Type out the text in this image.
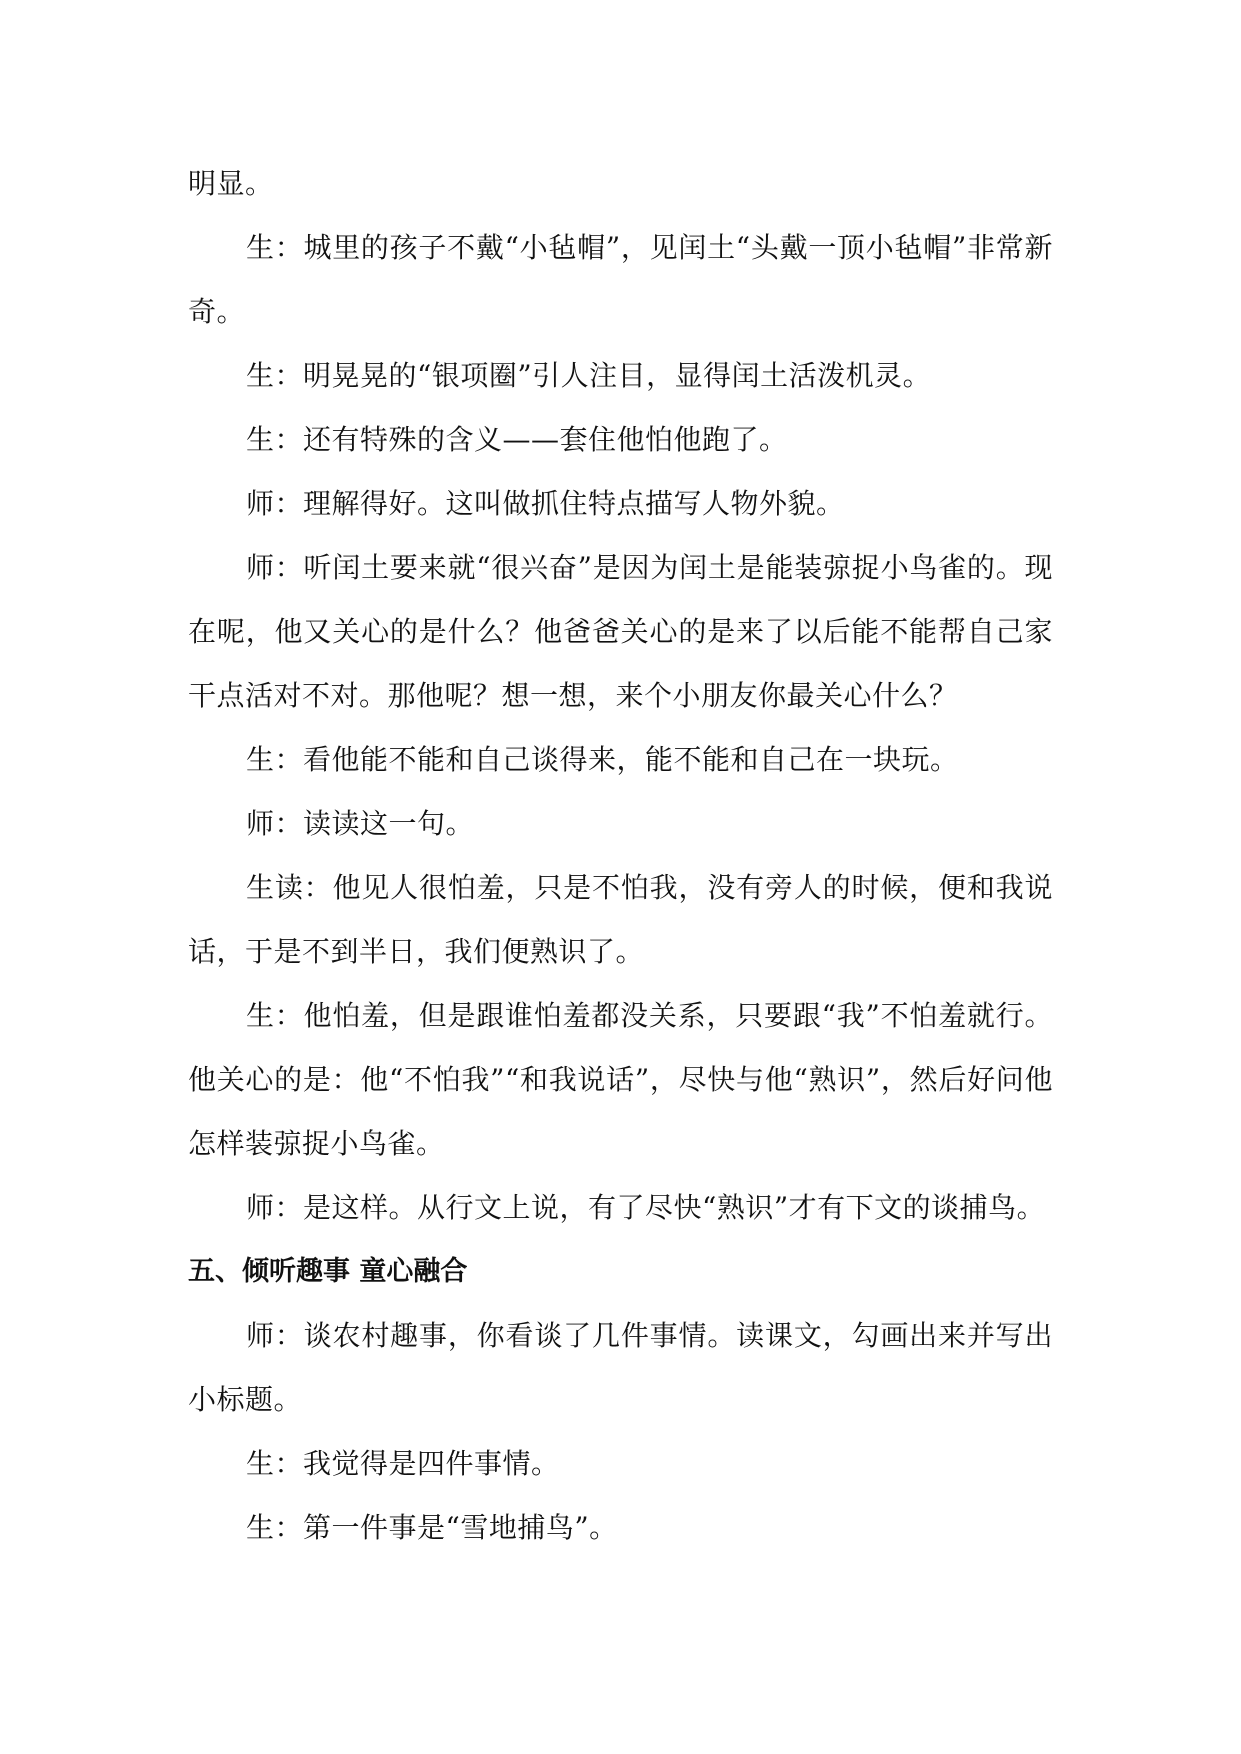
明显。

生：城里的孩子不戴“小毡帽”，见闰土“头戴一顶小毡帽”非常新奇。

生：明晃晃的“银项圈”引人注目，显得闰土活泼机灵。

生：还有特殊的含义——套住他怕他跑了。

师：理解得好。这叫做抓住特点描写人物外貌。

师：听闰土要来就“很兴奋”是因为闰土是能装弶捉小鸟雀的。现在呢，他又关心的是什么？他爸爸关心的是来了以后能不能帮自己家干点活对不对。那他呢？想一想，来个小朋友你最关心什么？

生：看他能不能和自己谈得来，能不能和自己在一块玩。

师：读读这一句。

生读：他见人很怕羞，只是不怕我，没有旁人的时候，便和我说话，于是不到半日，我们便熟识了。

生：他怕羞，但是跟谁怕羞都没关系，只要跟“我”不怕羞就行。他关心的是：他“不怕我”“和我说话”，尽快与他“熟识”，然后好问他怎样装弶捉小鸟雀。

师：是这样。从行文上说，有了尽快“熟识”才有下文的谈捕鸟。

五、倾听趣事 童心融合

师：谈农村趣事，你看谈了几件事情。读课文，勾画出来并写出小标题。

生：我觉得是四件事情。

生：第一件事是“雪地捕鸟”。
